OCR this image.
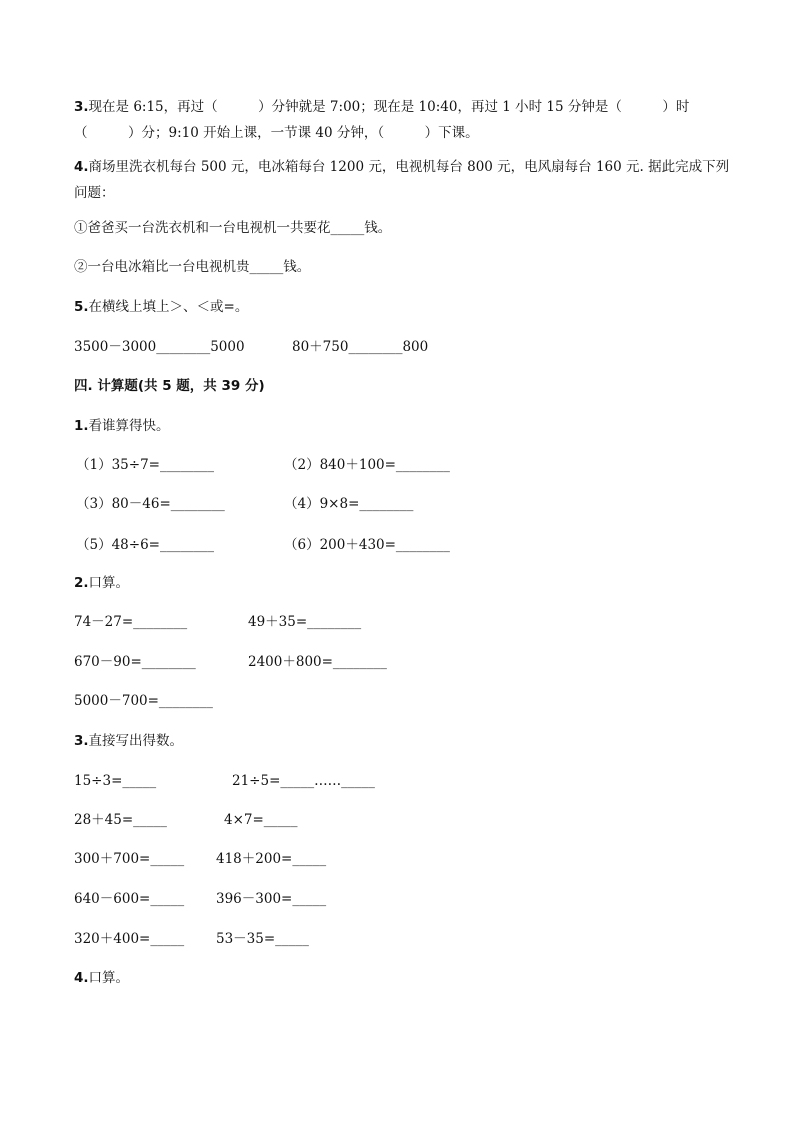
3.现在是 6:15，再过（　　　）分钟就是 7:00；现在是 10:40，再过 1 小时 15 分钟是（　　　）时（　　　）分；9:10 开始上课，一节课 40 分钟，（　　　）下课。
4.商场里洗衣机每台 500 元，电冰箱每台 1200 元，电视机每台 800 元，电风扇每台 160 元. 据此完成下列问题：
①爸爸买一台洗衣机和一台电视机一共要花_____钱。
②一台电冰箱比一台电视机贵_____钱。
5.在横线上填上＞、＜或=。
3500－3000________5000	80＋750________800
四. 计算题(共 5 题，共 39 分)
1.看谁算得快。
（1）35÷7=________	（2）840＋100=________
（3）80－46=________	（4）9×8=________
（5）48÷6=________	（6）200＋430=________
2.口算。
74－27=________	49＋35=________
670－90=________	2400＋800=________
5000－700=________
3.直接写出得数。
15÷3=_____	21÷5=_____……_____
28＋45=_____	4×7=_____
300＋700=_____ 418＋200=_____
640－600=_____ 396－300=_____
320＋400=_____ 53－35=_____
4.口算。
